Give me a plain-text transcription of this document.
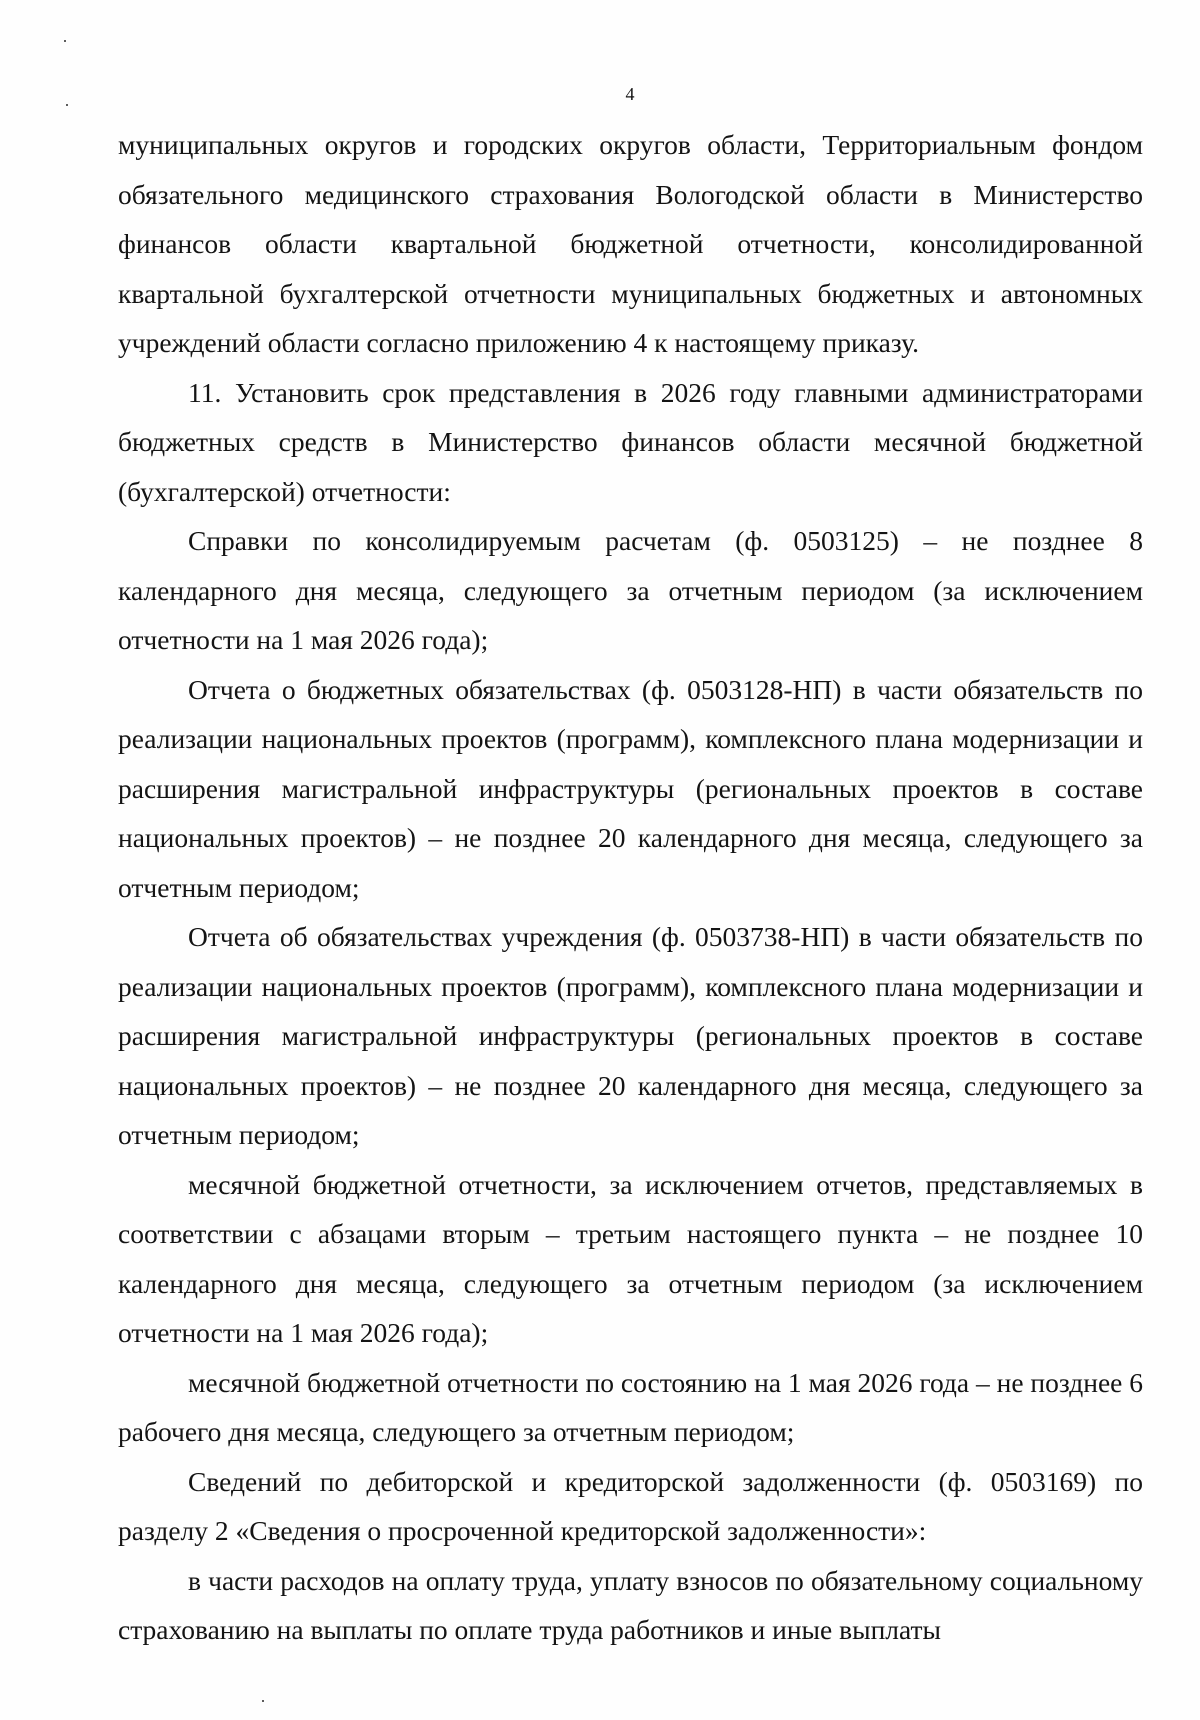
4

муниципальных округов и городских округов области, Территориальным фондом обязательного медицинского страхования Вологодской области в Министерство финансов области квартальной бюджетной отчетности, консолидированной квартальной бухгалтерской отчетности муниципальных бюджетных и автономных учреждений области согласно приложению 4 к настоящему приказу.

11. Установить срок представления в 2026 году главными администраторами бюджетных средств в Министерство финансов области месячной бюджетной (бухгалтерской) отчетности:

Справки по консолидируемым расчетам (ф. 0503125) – не позднее 8 календарного дня месяца, следующего за отчетным периодом (за исключением отчетности на 1 мая 2026 года);

Отчета о бюджетных обязательствах (ф. 0503128-НП) в части обязательств по реализации национальных проектов (программ), комплексного плана модернизации и расширения магистральной инфраструктуры (региональных проектов в составе национальных проектов) – не позднее 20 календарного дня месяца, следующего за отчетным периодом;

Отчета об обязательствах учреждения (ф. 0503738-НП) в части обязательств по реализации национальных проектов (программ), комплексного плана модернизации и расширения магистральной инфраструктуры (региональных проектов в составе национальных проектов) – не позднее 20 календарного дня месяца, следующего за отчетным периодом;

месячной бюджетной отчетности, за исключением отчетов, представляемых в соответствии с абзацами вторым – третьим настоящего пункта – не позднее 10 календарного дня месяца, следующего за отчетным периодом (за исключением отчетности на 1 мая 2026 года);

месячной бюджетной отчетности по состоянию на 1 мая 2026 года – не позднее 6 рабочего дня месяца, следующего за отчетным периодом;

Сведений по дебиторской и кредиторской задолженности (ф. 0503169) по разделу 2 «Сведения о просроченной кредиторской задолженности»:

в части расходов на оплату труда, уплату взносов по обязательному социальному страхованию на выплаты по оплате труда работников и иные выплаты
